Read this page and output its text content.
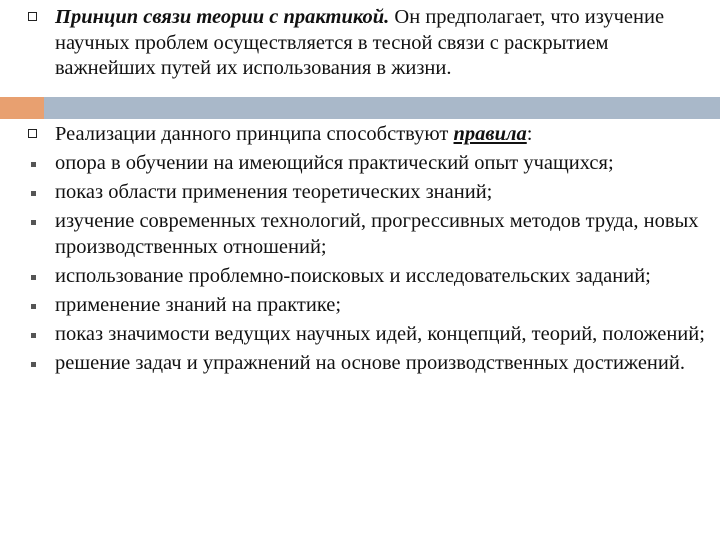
Принцип связи теории с практикой. Он предполагает, что изучение научных проблем осуществляется в тесной связи с раскрытием важнейших путей их использования в жизни.
Реализации данного принципа способствуют правила:
опора в обучении на имеющийся практический опыт учащихся;
показ области применения теоретических знаний;
изучение современных технологий, прогрессивных методов труда, новых производственных отношений;
использование проблемно-поисковых и исследовательских заданий;
применение знаний на практике;
показ значимости ведущих научных идей, концепций, теорий, положений;
решение задач и упражнений на основе производственных достижений.
